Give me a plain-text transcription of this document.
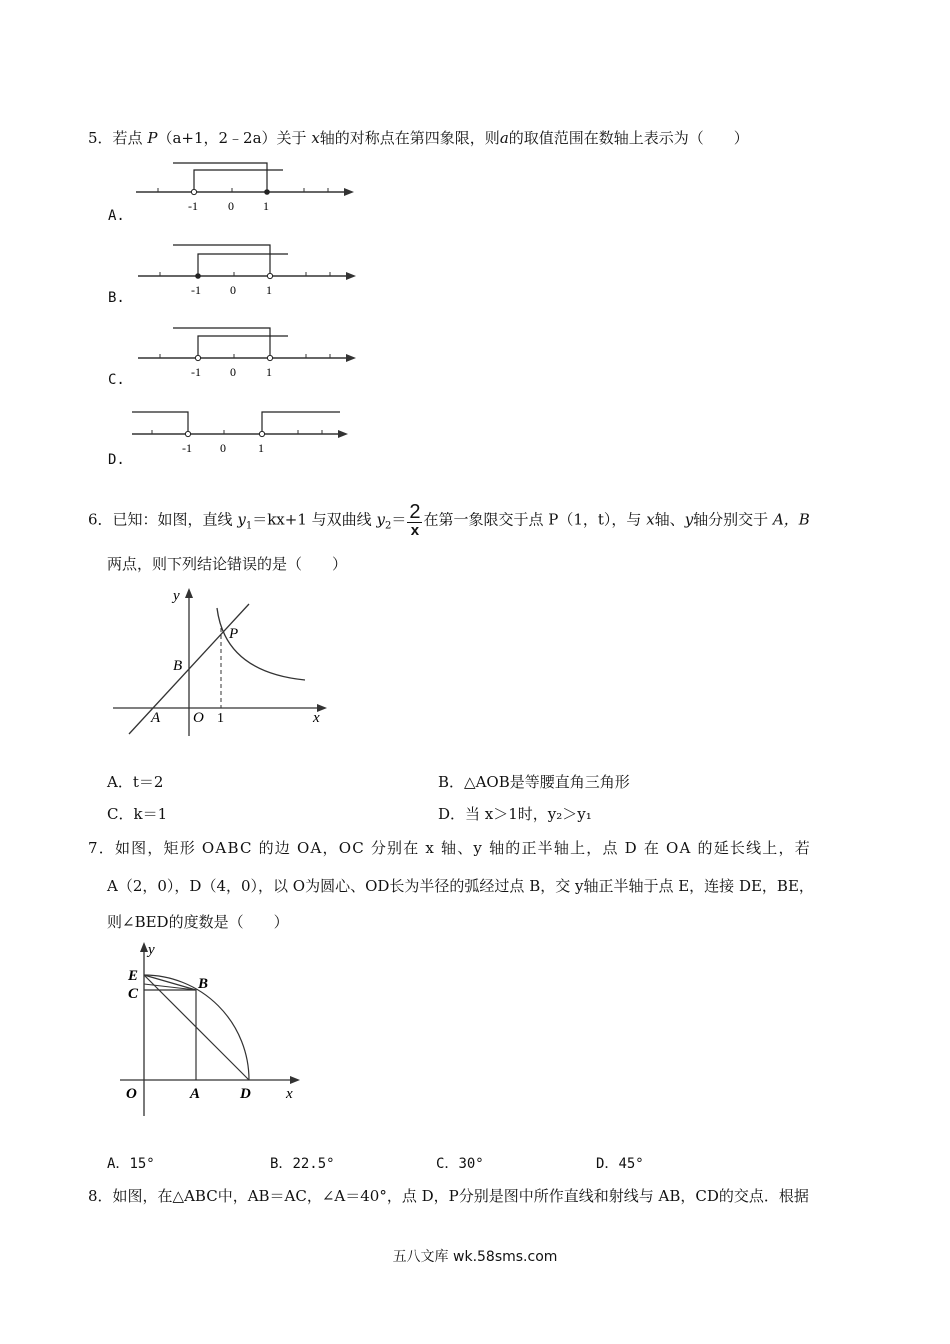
5．若点 P（a+1，2﹣2a）关于 x轴的对称点在第四象限，则a的取值范围在数轴上表示为（　　）
-1	0 1
A.
-1 0	1
B.
-1 0	1
C.
-1 0	1
D.
6．已知：如图，直线 $y_1=kx+1$ 与双曲线 $y_2= \frac{2}{x}$ 在第一象限交于点 P（1，t），与 x轴、y轴分别交于 A，B
两点，则下列结论错误的是（　　）
y
x
P
B
A O 1
A．t＝2	B．△AOB是等腰直角三角形
C．k＝1	D．当 x＞1时，y₂＞y₁
7．如图，矩形 OABC 的边 OA，OC 分别在 x 轴、y 轴的正半轴上，点 D 在 OA 的延长线上，若
A（2，0），D（4，0），以 O为圆心、OD长为半径的弧经过点 B，交 y轴正半轴于点 E，连接 DE，BE，
则∠BED的度数是（　　）
y
E
C
B
O	A	D x
A．15°	B．22.5°	C．30°	D．45°
8．如图，在△ABC中，AB＝AC，∠A＝40°，点 D，P分别是图中所作直线和射线与 AB，CD的交点．根据
五八文库 wk.58sms.com
